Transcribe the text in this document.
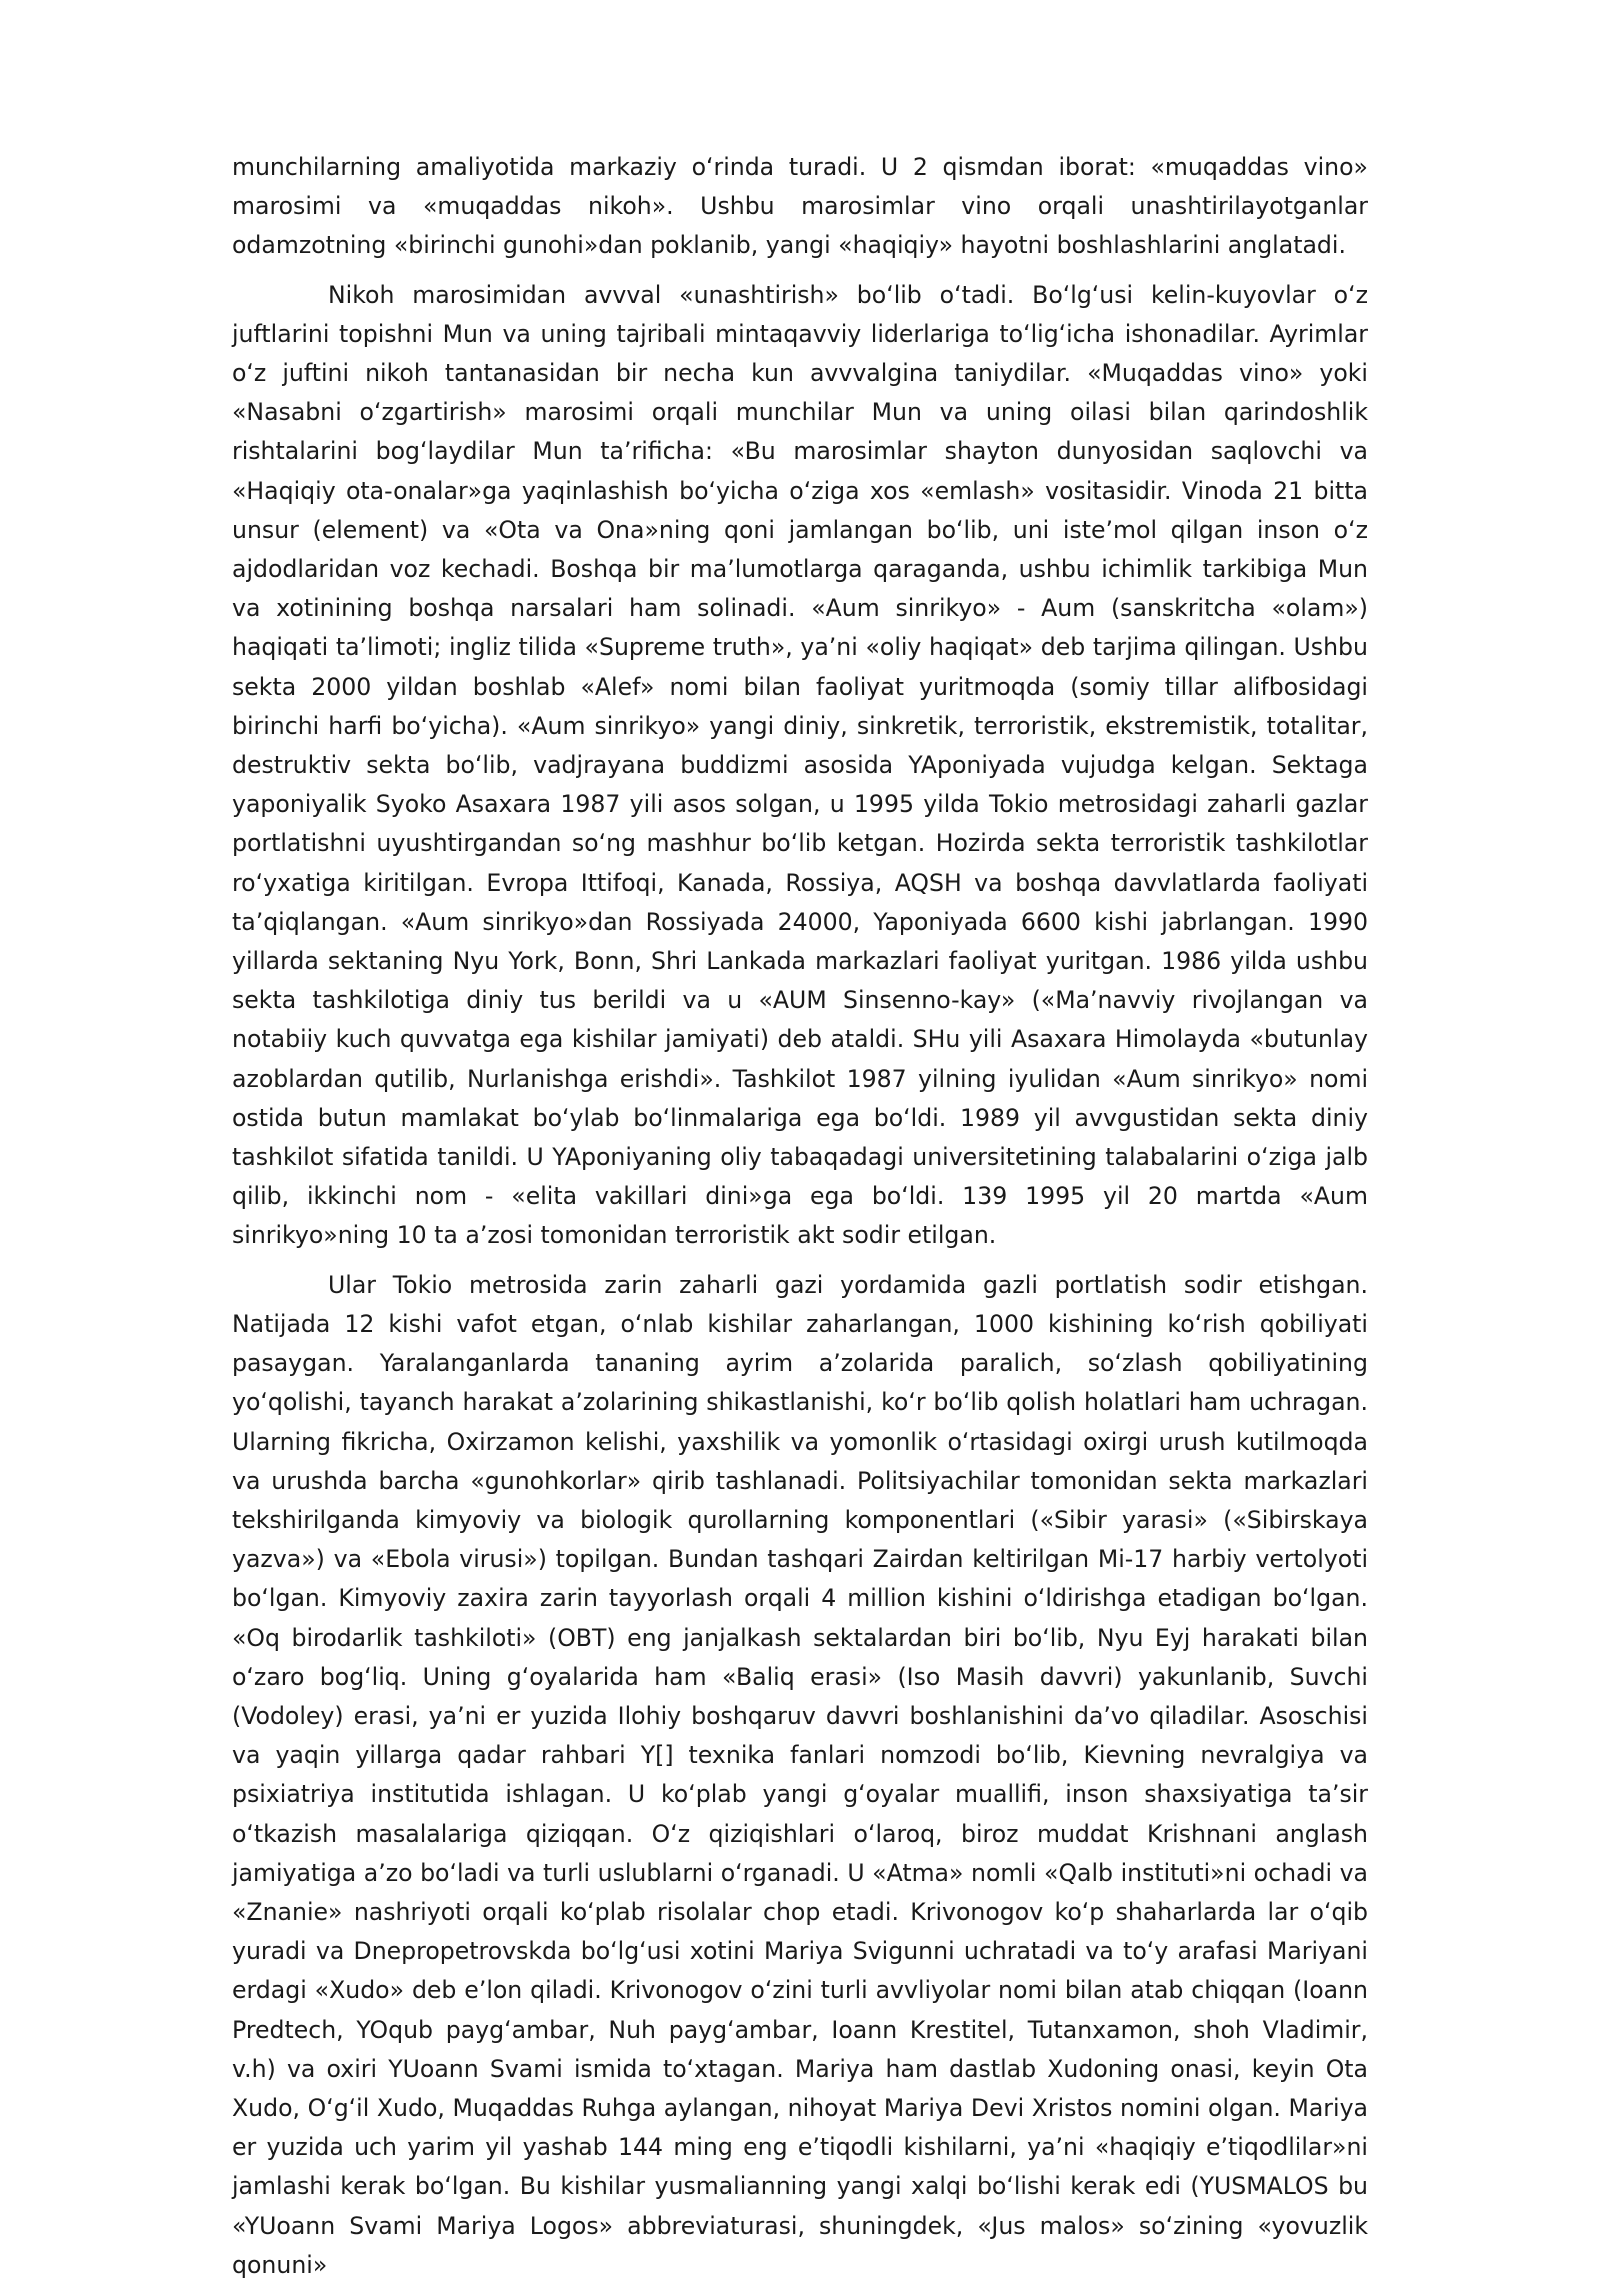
munchilarning amaliyotida markaziy oʻrinda turadi. U 2 qismdan iborat: «muqaddas vino» marosimi va «muqaddas nikoh». Ushbu marosimlar vino orqali unashtirilayotganlar odamzotning «birinchi gunohi»dan poklanib, yangi «haqiqiy» hayotni boshlashlarini anglatadi.

Nikoh marosimidan avvval «unashtirish» boʻlib oʻtadi. Boʻlgʻusi kelin-kuyovlar oʻz juftlarini topishni Mun va uning tajribali mintaqavviy liderlariga toʻligʻicha ishonadilar. Ayrimlar oʻz juftini nikoh tantanasidan bir necha kun avvvalgina taniydilar. «Muqaddas vino» yoki «Nasabni oʻzgartirish» marosimi orqali munchilar Mun va uning oilasi bilan qarindoshlik rishtalarini bogʻlaydilar Mun taʼrificha: «Bu marosimlar shayton dunyosidan saqlovchi va «Haqiqiy ota-onalar»ga yaqinlashish boʻyicha oʻziga xos «emlash» vositasidir. Vinoda 21 bitta unsur (element) va «Ota va Ona»ning qoni jamlangan boʻlib, uni isteʼmol qilgan inson oʻz ajdodlaridan voz kechadi. Boshqa bir maʼlumotlarga qaraganda, ushbu ichimlik tarkibiga Mun va xotinining boshqa narsalari ham solinadi. «Aum sinrikyo» - Aum (sanskritcha «olam») haqiqati taʼlimoti; ingliz tilida «Supreme truth», yaʼni «oliy haqiqat» deb tarjima qilingan. Ushbu sekta 2000 yildan boshlab «Alef» nomi bilan faoliyat yuritmoqda (somiy tillar alifbosidagi birinchi harfi boʻyicha). «Aum sinrikyo» yangi diniy, sinkretik, terroristik, ekstremistik, totalitar, destruktiv sekta boʻlib, vadjrayana buddizmi asosida YAponiyada vujudga kelgan. Sektaga yaponiyalik Syoko Asaxara 1987 yili asos solgan, u 1995 yilda Tokio metrosidagi zaharli gazlar portlatishni uyushtirgandan soʻng mashhur boʻlib ketgan. Hozirda sekta terroristik tashkilotlar roʻyxatiga kiritilgan. Evropa Ittifoqi, Kanada, Rossiya, AQSH va boshqa davvlatlarda faoliyati taʼqiqlangan. «Aum sinrikyo»dan Rossiyada 24000, Yaponiyada 6600 kishi jabrlangan. 1990 yillarda sektaning Nyu York, Bonn, Shri Lankada markazlari faoliyat yuritgan. 1986 yilda ushbu sekta tashkilotiga diniy tus berildi va u «AUM Sinsenno-kay» («Maʼnavviy rivojlangan va notabiiy kuch quvvatga ega kishilar jamiyati) deb ataldi. SHu yili Asaxara Himolayda «butunlay azoblardan qutilib, Nurlanishga erishdi». Tashkilot 1987 yilning iyulidan «Aum sinrikyo» nomi ostida butun mamlakat boʻylab boʻlinmalariga ega boʻldi. 1989 yil avvgustidan sekta diniy tashkilot sifatida tanildi. U YAponiyaning oliy tabaqadagi universitetining talabalarini oʻziga jalb qilib, ikkinchi nom - «elita vakillari dini»ga ega boʻldi. 139 1995 yil 20 martda «Aum sinrikyo»ning 10 ta aʼzosi tomonidan terroristik akt sodir etilgan.

Ular Tokio metrosida zarin zaharli gazi yordamida gazli portlatish sodir etishgan. Natijada 12 kishi vafot etgan, oʻnlab kishilar zaharlangan, 1000 kishining koʻrish qobiliyati pasaygan. Yaralanganlarda tananing ayrim aʼzolarida paralich, soʻzlash qobiliyatining yoʻqolishi, tayanch harakat aʼzolarining shikastlanishi, koʻr boʻlib qolish holatlari ham uchragan. Ularning fikricha, Oxirzamon kelishi, yaxshilik va yomonlik oʻrtasidagi oxirgi urush kutilmoqda va urushda barcha «gunohkorlar» qirib tashlanadi. Politsiyachilar tomonidan sekta markazlari tekshirilganda kimyoviy va biologik qurollarning komponentlari («Sibir yarasi» («Sibirskaya yazva») va «Ebola virusi») topilgan. Bundan tashqari Zairdan keltirilgan Mi-17 harbiy vertolyoti boʻlgan. Kimyoviy zaxira zarin tayyorlash orqali 4 million kishini oʻldirishga etadigan boʻlgan. «Oq birodarlik tashkiloti» (OBT) eng janjalkash sektalardan biri boʻlib, Nyu Eyj harakati bilan oʻzaro bogʻliq. Uning gʻoyalarida ham «Baliq erasi» (Iso Masih davvri) yakunlanib, Suvchi (Vodoley) erasi, yaʼni er yuzida Ilohiy boshqaruv davvri boshlanishini daʼvo qiladilar. Asoschisi va yaqin yillarga qadar rahbari Y[] texnika fanlari nomzodi boʻlib, Kievning nevralgiya va psixiatriya institutida ishlagan. U koʻplab yangi gʻoyalar muallifi, inson shaxsiyatiga taʼsir oʻtkazish masalalariga qiziqqan. Oʻz qiziqishlari oʻlaroq, biroz muddat Krishnani anglash jamiyatiga aʼzo boʻladi va turli uslublarni oʻrganadi. U «Atma» nomli «Qalb instituti»ni ochadi va «Znanie» nashriyoti orqali koʻplab risolalar chop etadi. Krivonogov koʻp shaharlarda lar oʻqib yuradi va Dnepropetrovskda boʻlgʻusi xotini Mariya Svigunni uchratadi va toʻy arafasi Mariyani erdagi «Xudo» deb eʼlon qiladi. Krivonogov oʻzini turli avvliyolar nomi bilan atab chiqqan (Ioann Predtech, YOqub paygʻambar, Nuh paygʻambar, Ioann Krestitel, Tutanxamon, shoh Vladimir, v.h) va oxiri YUoann Svami ismida toʻxtagan. Mariya ham dastlab Xudoning onasi, keyin Ota Xudo, Oʻgʻil Xudo, Muqaddas Ruhga aylangan, nihoyat Mariya Devi Xristos nomini olgan. Mariya er yuzida uch yarim yil yashab 144 ming eng eʼtiqodli kishilarni, yaʼni «haqiqiy eʼtiqodlilar»ni jamlashi kerak boʻlgan. Bu kishilar yusmalianning yangi xalqi boʻlishi kerak edi (YUSMALOS bu «YUoann Svami Mariya Logos» abbreviaturasi, shuningdek, «Jus malos» soʻzining «yovuzlik qonuni»
